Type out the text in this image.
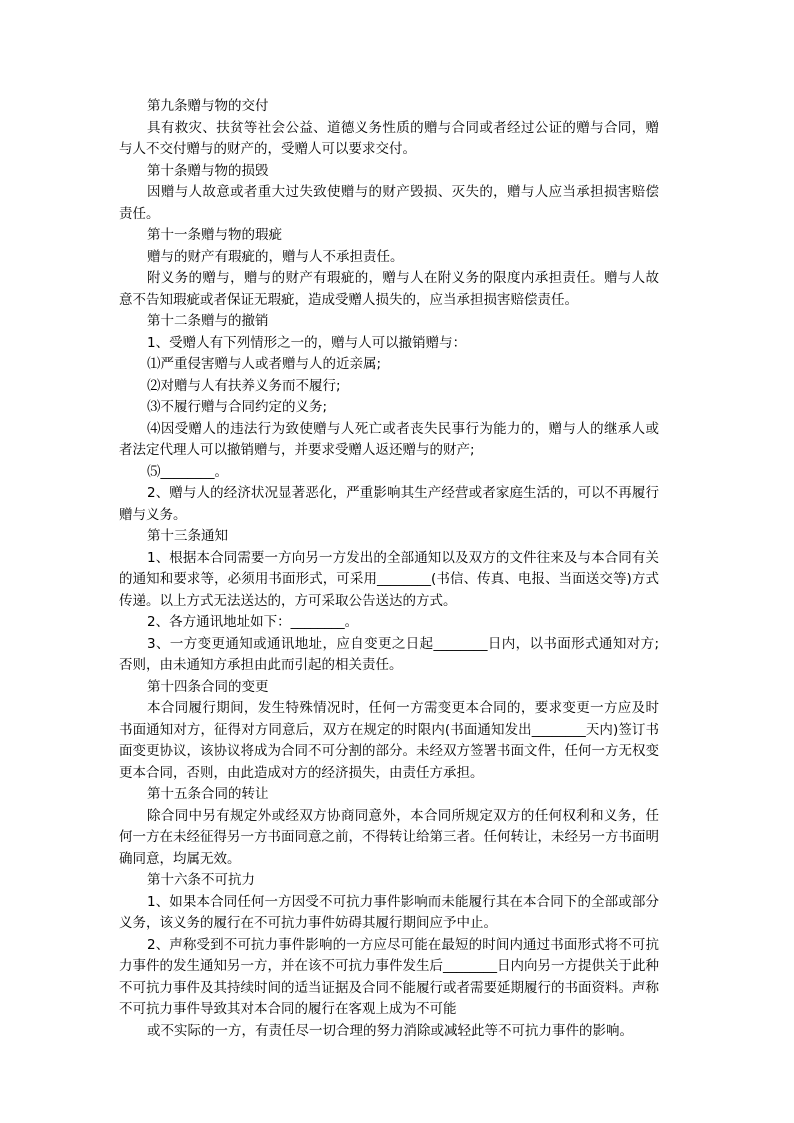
第九条赠与物的交付

具有救灾、扶贫等社会公益、道德义务性质的赠与合同或者经过公证的赠与合同，赠与人不交付赠与的财产的，受赠人可以要求交付。

第十条赠与物的损毁

因赠与人故意或者重大过失致使赠与的财产毁损、灭失的，赠与人应当承担损害赔偿责任。

第十一条赠与物的瑕疵

赠与的财产有瑕疵的，赠与人不承担责任。

附义务的赠与，赠与的财产有瑕疵的，赠与人在附义务的限度内承担责任。赠与人故意不告知瑕疵或者保证无瑕疵，造成受赠人损失的，应当承担损害赔偿责任。

第十二条赠与的撤销

1、受赠人有下列情形之一的，赠与人可以撤销赠与：

⑴严重侵害赠与人或者赠与人的近亲属;

⑵对赠与人有扶养义务而不履行;

⑶不履行赠与合同约定的义务;

⑷因受赠人的违法行为致使赠与人死亡或者丧失民事行为能力的，赠与人的继承人或者法定代理人可以撤销赠与，并要求受赠人返还赠与的财产;

⑸________。

2、赠与人的经济状况显著恶化，严重影响其生产经营或者家庭生活的，可以不再履行赠与义务。

第十三条通知

1、根据本合同需要一方向另一方发出的全部通知以及双方的文件往来及与本合同有关的通知和要求等，必须用书面形式，可采用________(书信、传真、电报、当面送交等)方式传递。以上方式无法送达的，方可采取公告送达的方式。

2、各方通讯地址如下：________。

3、一方变更通知或通讯地址，应自变更之日起________日内，以书面形式通知对方;否则，由未通知方承担由此而引起的相关责任。

第十四条合同的变更

本合同履行期间，发生特殊情况时，任何一方需变更本合同的，要求变更一方应及时书面通知对方，征得对方同意后，双方在规定的时限内(书面通知发出________天内)签订书面变更协议，该协议将成为合同不可分割的部分。未经双方签署书面文件，任何一方无权变更本合同，否则，由此造成对方的经济损失，由责任方承担。

第十五条合同的转让

除合同中另有规定外或经双方协商同意外，本合同所规定双方的任何权利和义务，任何一方在未经征得另一方书面同意之前，不得转让给第三者。任何转让，未经另一方书面明确同意，均属无效。

第十六条不可抗力

1、如果本合同任何一方因受不可抗力事件影响而未能履行其在本合同下的全部或部分义务，该义务的履行在不可抗力事件妨碍其履行期间应予中止。

2、声称受到不可抗力事件影响的一方应尽可能在最短的时间内通过书面形式将不可抗力事件的发生通知另一方，并在该不可抗力事件发生后________日内向另一方提供关于此种不可抗力事件及其持续时间的适当证据及合同不能履行或者需要延期履行的书面资料。声称不可抗力事件导致其对本合同的履行在客观上成为不可能

或不实际的一方，有责任尽一切合理的努力消除或减轻此等不可抗力事件的影响。
